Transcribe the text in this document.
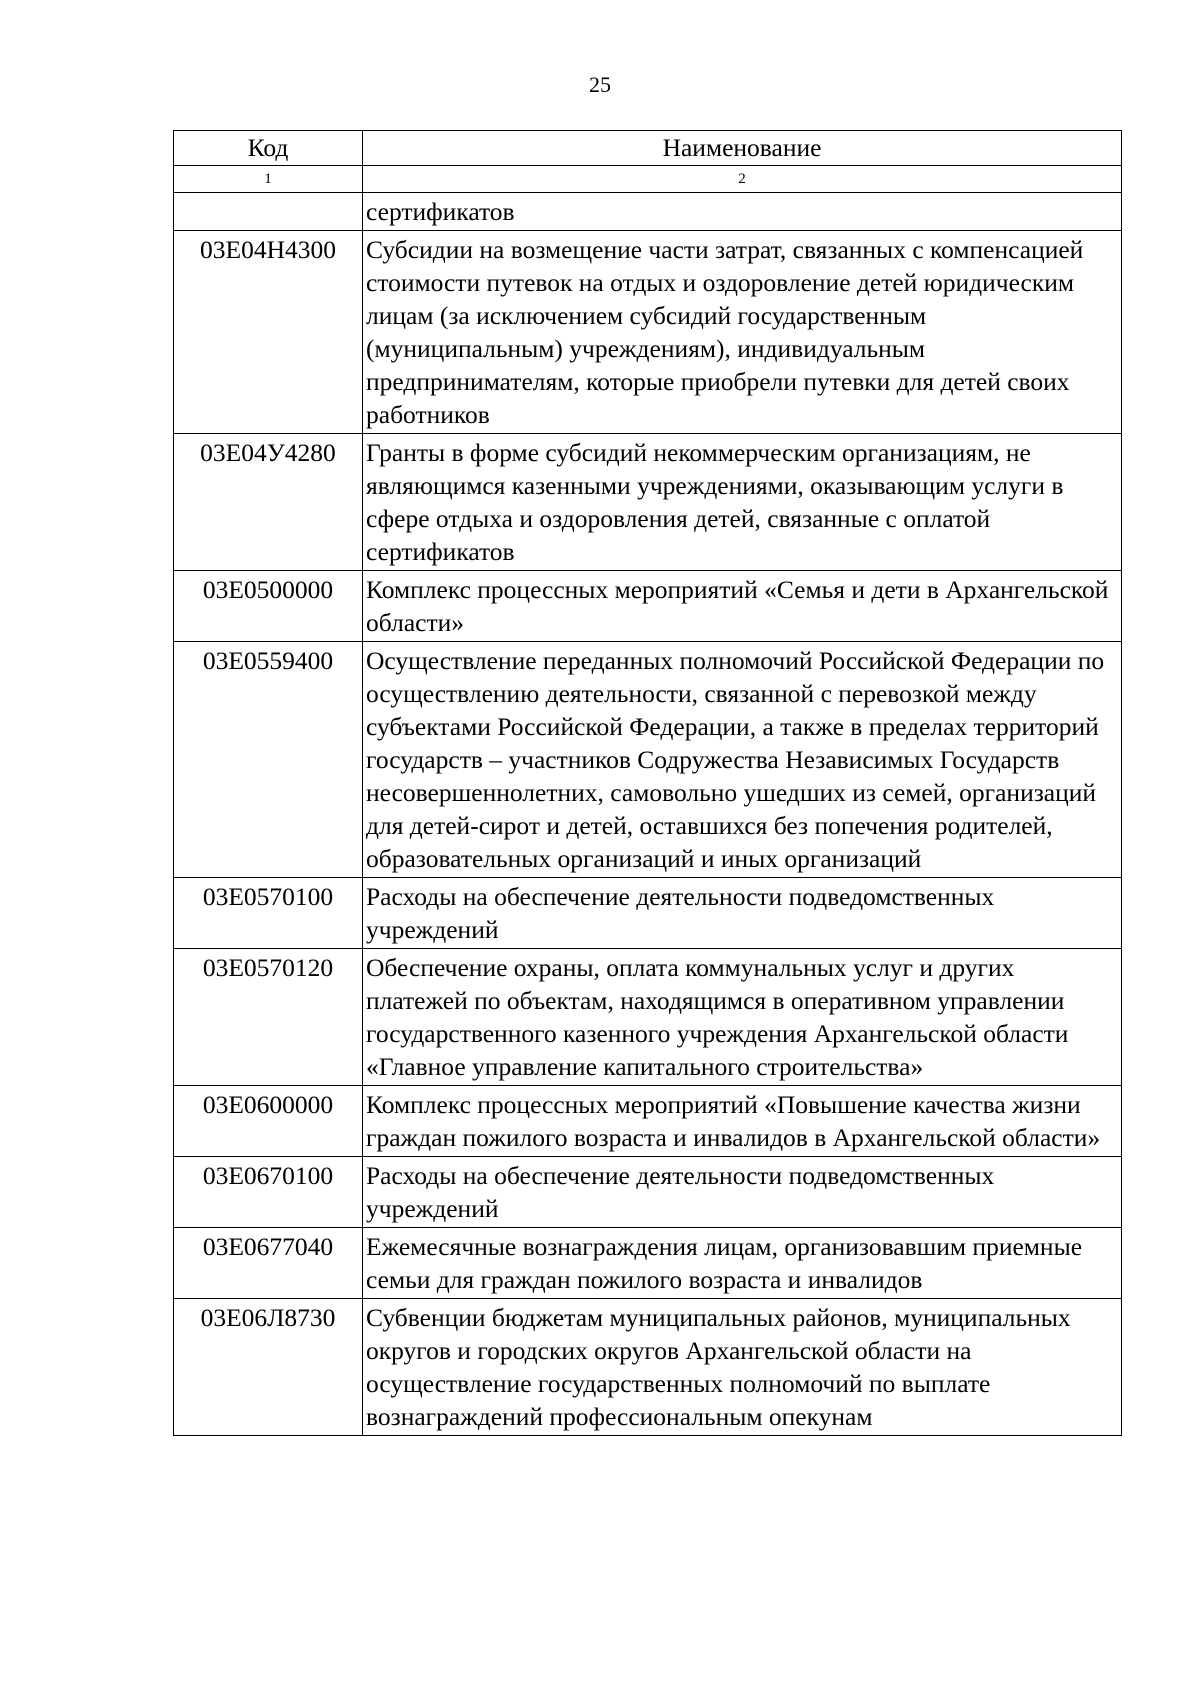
25
Код	Наименование
1	2
	сертификатов
03Е04Н4300	Субсидии на возмещение части затрат, связанных с компенсацией стоимости путевок на отдых и оздоровление детей юридическим лицам (за исключением субсидий государственным (муниципальным) учреждениям), индивидуальным предпринимателям, которые приобрели путевки для детей своих работников
03Е04У4280	Гранты в форме субсидий некоммерческим организациям, не являющимся казенными учреждениями, оказывающим услуги в сфере отдыха и оздоровления детей, связанные с оплатой сертификатов
03Е0500000	Комплекс процессных мероприятий «Семья и дети в Архангельской области»
03Е0559400	Осуществление переданных полномочий Российской Федерации по осуществлению деятельности, связанной с перевозкой между субъектами Российской Федерации, а также в пределах территорий государств – участников Содружества Независимых Государств несовершеннолетних, самовольно ушедших из семей, организаций для детей-сирот и детей, оставшихся без попечения родителей, образовательных организаций и иных организаций
03Е0570100	Расходы на обеспечение деятельности подведомственных учреждений
03Е0570120	Обеспечение охраны, оплата коммунальных услуг и других платежей по объектам, находящимся в оперативном управлении государственного казенного учреждения Архангельской области «Главное управление капитального строительства»
03Е0600000	Комплекс процессных мероприятий «Повышение качества жизни граждан пожилого возраста и инвалидов в Архангельской области»
03Е0670100	Расходы на обеспечение деятельности подведомственных учреждений
03Е0677040	Ежемесячные вознаграждения лицам, организовавшим приемные семьи для граждан пожилого возраста и инвалидов
03Е06Л8730	Субвенции бюджетам муниципальных районов, муниципальных округов и городских округов Архангельской области на осуществление государственных полномочий по выплате вознаграждений профессиональным опекунам
